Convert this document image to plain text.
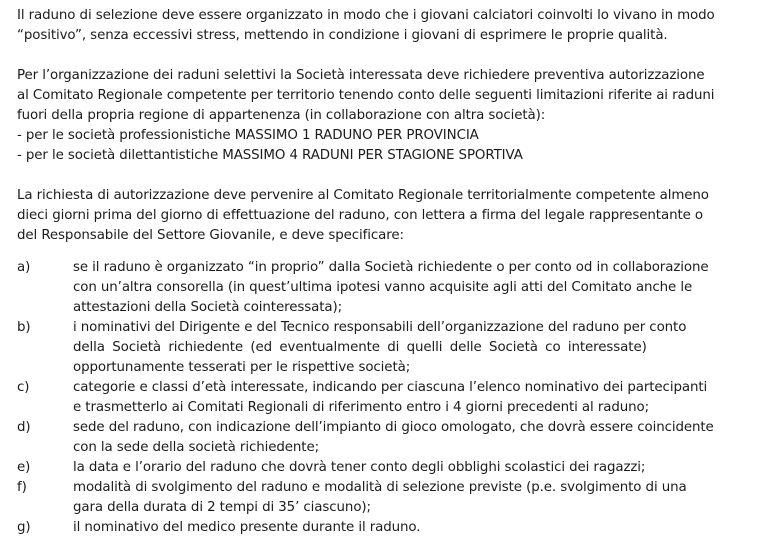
Il raduno di selezione deve essere organizzato in modo che i giovani calciatori coinvolti lo vivano in modo
“positivo”, senza eccessivi stress, mettendo in condizione i giovani di esprimere le proprie qualità.

Per l’organizzazione dei raduni selettivi la Società interessata deve richiedere preventiva autorizzazione
al Comitato Regionale competente per territorio tenendo conto delle seguenti limitazioni riferite ai raduni
fuori della propria regione di appartenenza (in collaborazione con altra società):
- per le società professionistiche MASSIMO 1 RADUNO PER PROVINCIA
- per le società dilettantistiche MASSIMO 4 RADUNI PER STAGIONE SPORTIVA

La richiesta di autorizzazione deve pervenire al Comitato Regionale territorialmente competente almeno
dieci giorni prima del giorno di effettuazione del raduno, con lettera a firma del legale rappresentante o
del Responsabile del Settore Giovanile, e deve specificare:

a)	se il raduno è organizzato “in proprio” dalla Società richiedente o per conto od in collaborazione
con un’altra consorella (in quest’ultima ipotesi vanno acquisite agli atti del Comitato anche le
attestazioni della Società cointeressata);
b)	i nominativi del Dirigente e del Tecnico responsabili dell’organizzazione del raduno per conto
della Società richiedente (ed eventualmente di quelli delle Società co interessate)
opportunamente tesserati per le rispettive società;
c)	categorie e classi d’età interessate, indicando per ciascuna l’elenco nominativo dei partecipanti
e trasmetterlo ai Comitati Regionali di riferimento entro i 4 giorni precedenti al raduno;
d)	sede del raduno, con indicazione dell’impianto di gioco omologato, che dovrà essere coincidente
con la sede della società richiedente;
e)	la data e l’orario del raduno che dovrà tener conto degli obblighi scolastici dei ragazzi;
f)	modalità di svolgimento del raduno e modalità di selezione previste (p.e. svolgimento di una
gara della durata di 2 tempi di 35’ ciascuno);
g)	il nominativo del medico presente durante il raduno.
